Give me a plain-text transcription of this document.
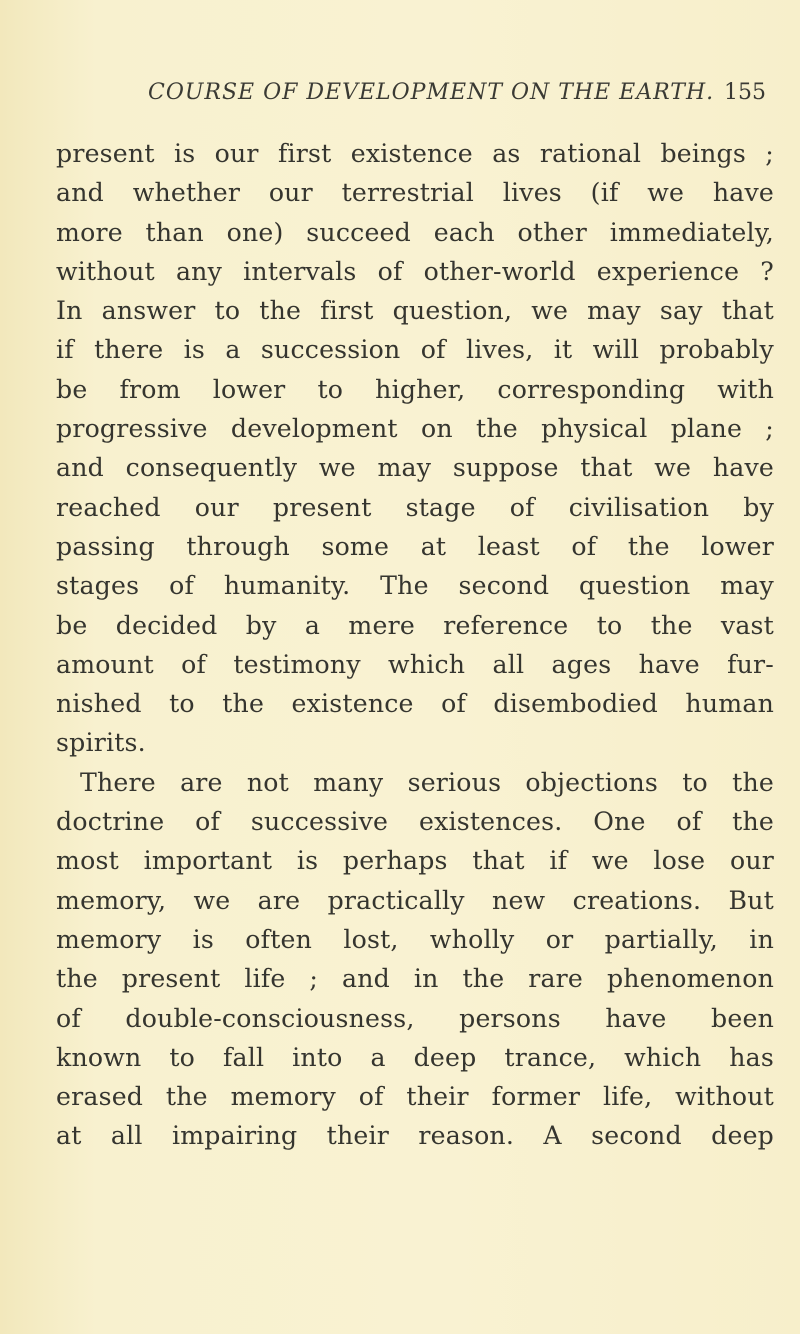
COURSE OF DEVELOPMENT ON THE EARTH. 155
present is our first existence as rational beings ;
and whether our terrestrial lives (if we have
more than one) succeed each other immediately,
without any intervals of other-world experience ?
In answer to the first question, we may say that
if there is a succession of lives, it will probably
be from lower to higher, corresponding with
progressive development on the physical plane ;
and consequently we may suppose that we have
reached our present stage of civilisation by
passing through some at least of the lower
stages of humanity. The second question may
be decided by a mere reference to the vast
amount of testimony which all ages have fur-
nished to the existence of disembodied human
spirits.
There are not many serious objections to the
doctrine of successive existences. One of the
most important is perhaps that if we lose our
memory, we are practically new creations. But
memory is often lost, wholly or partially, in
the present life ; and in the rare phenomenon
of double-consciousness, persons have been
known to fall into a deep trance, which has
erased the memory of their former life, without
at all impairing their reason. A second deep
